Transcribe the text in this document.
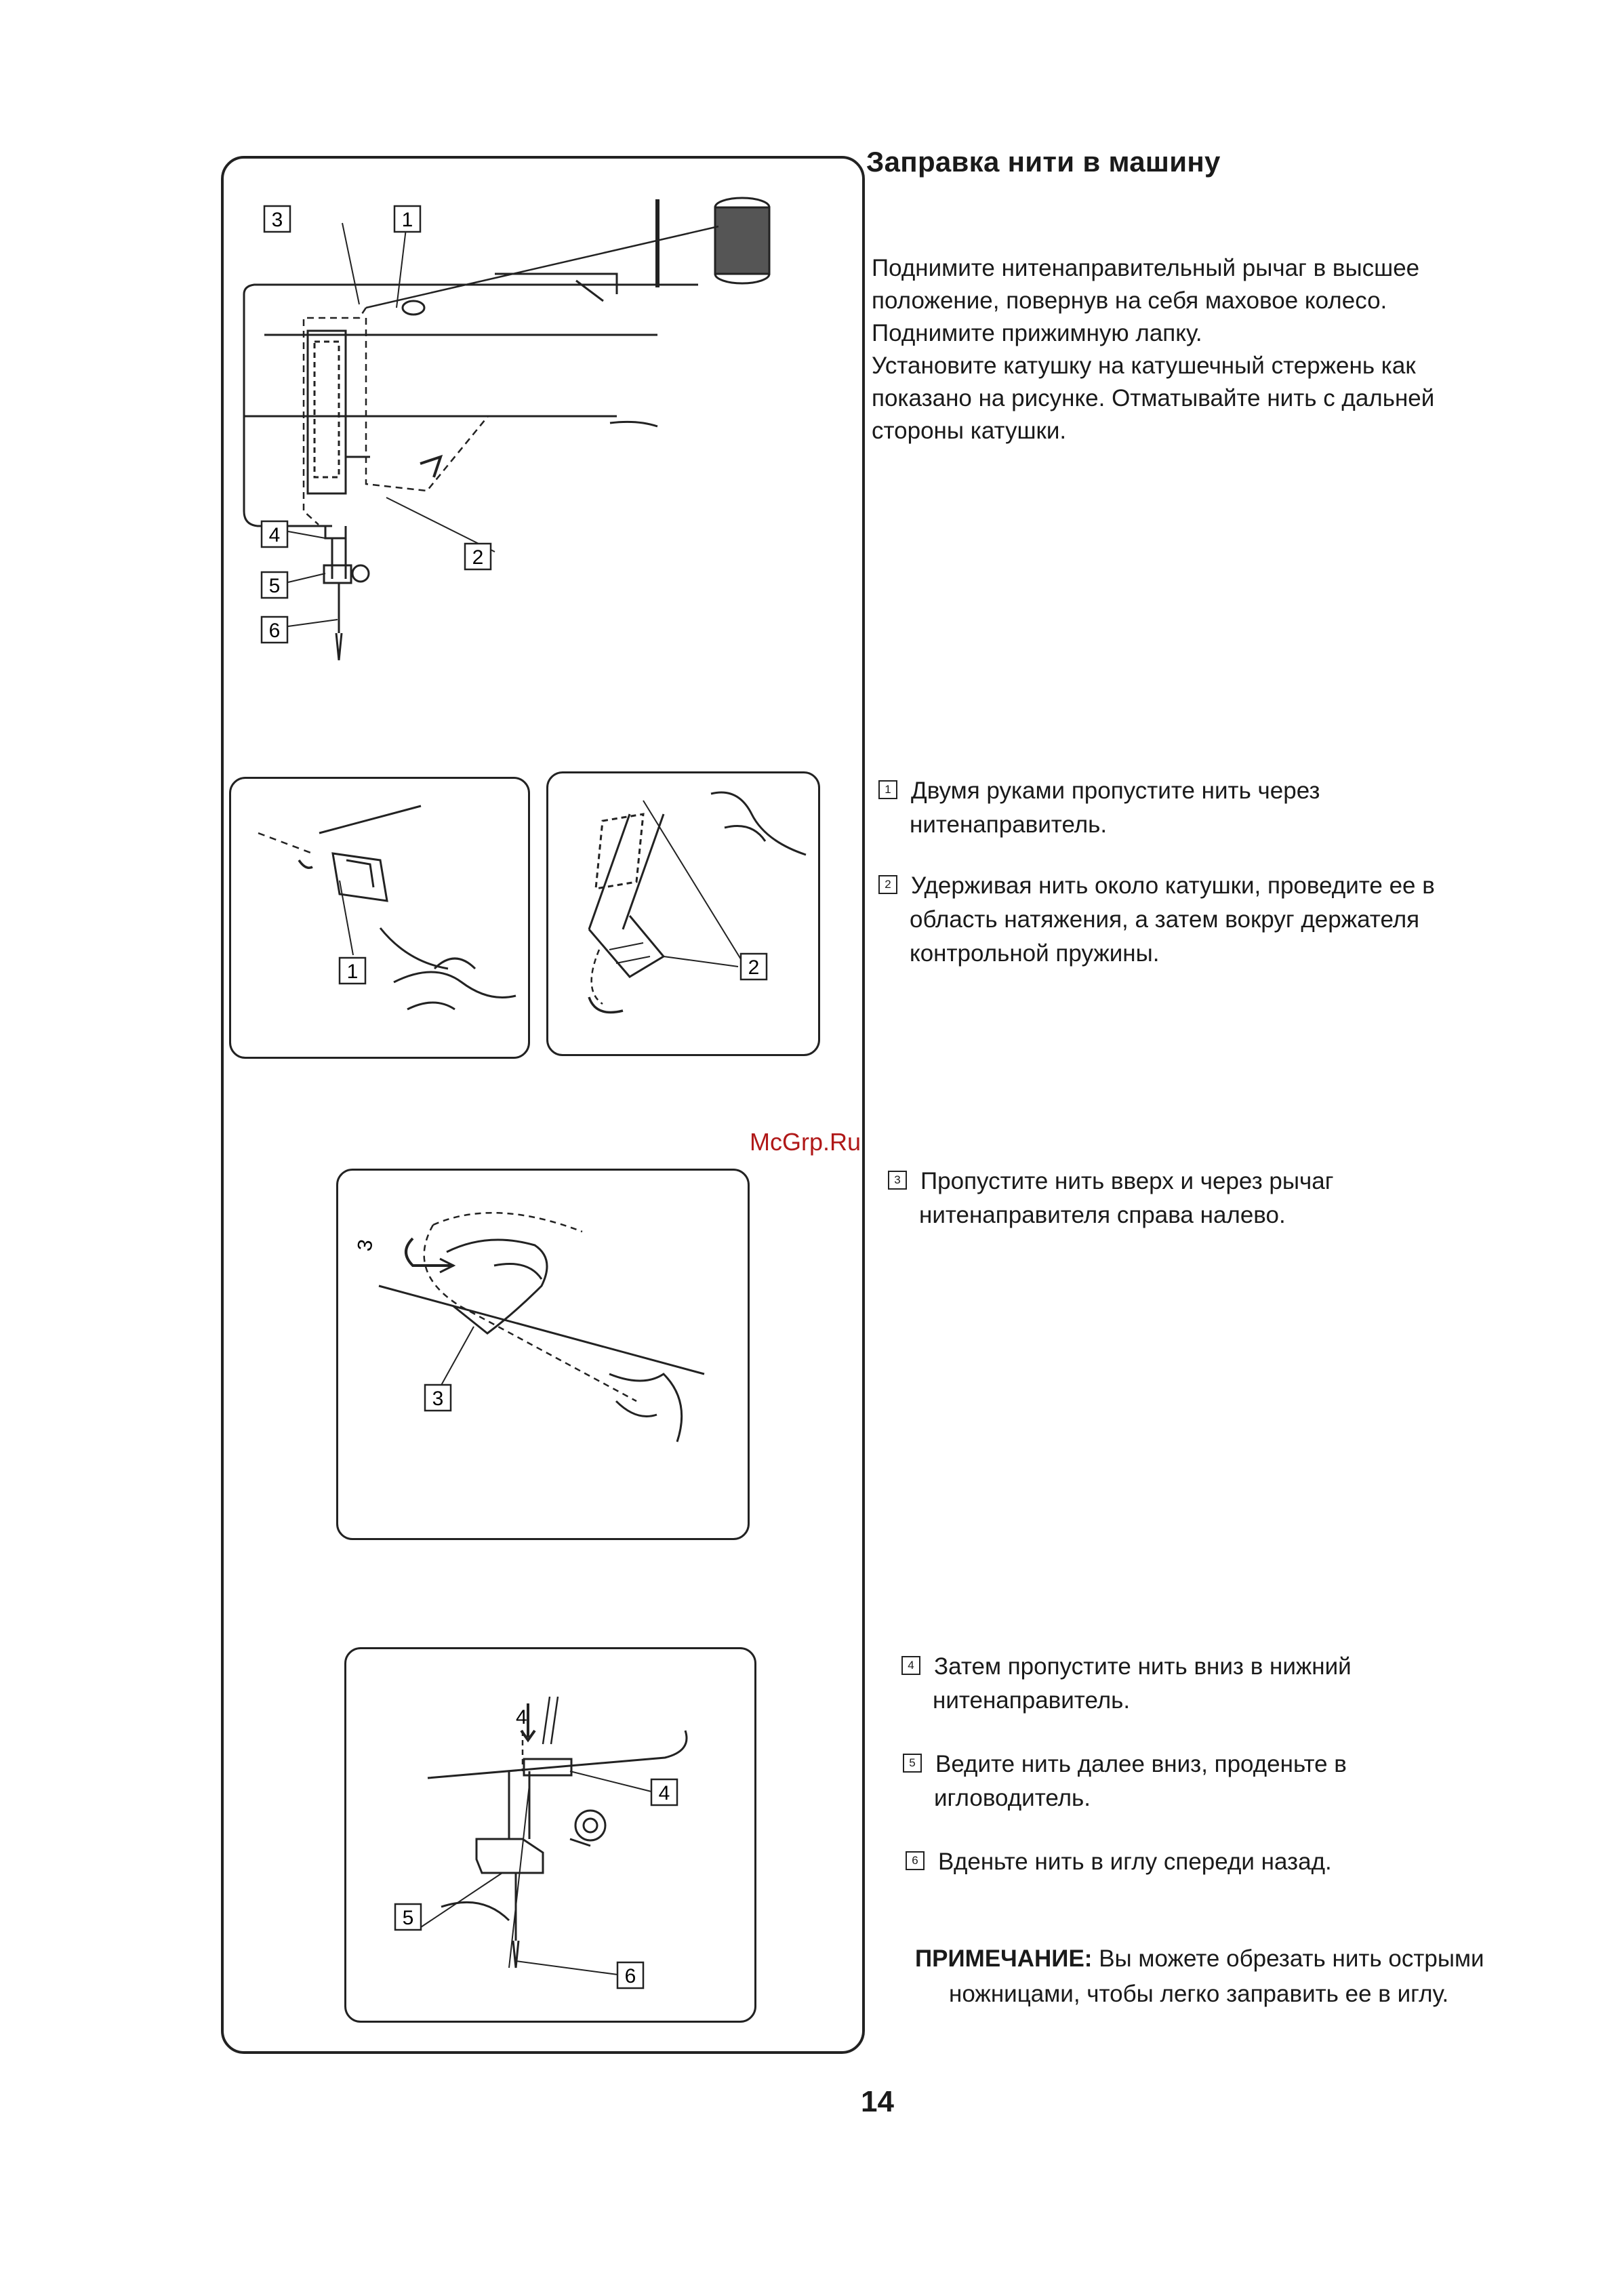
3	1
2
4
5
6
1	2
3
3
4
4
5
6
Заправка нити в машину
Поднимите нитенаправительный рычаг в высшее
положение, повернув на себя маховое колесо.
Поднимите прижимную лапку.
Установите катушку на катушечный стержень как
показано на рисунке. Отматывайте нить с дальней
стороны катушки.
1 Двумя руками пропустите нить через
нитенаправитель.
2 Удерживая нить около катушки, проведите ее в
область натяжения, а затем вокруг держателя
контрольной пружины.
3 Пропустите нить вверх и через рычаг
нитенаправителя справа налево.
4 Затем пропустите нить вниз в нижний
нитенаправитель.
5 Ведите нить далее вниз, проденьте в
игловодитель.
6 Вденьте нить в иглу спереди назад.
ПРИМЕЧАНИЕ: Вы можете обрезать нить острыми
ножницами, чтобы легко заправить ее в иглу.
McGrp.Ru
14
